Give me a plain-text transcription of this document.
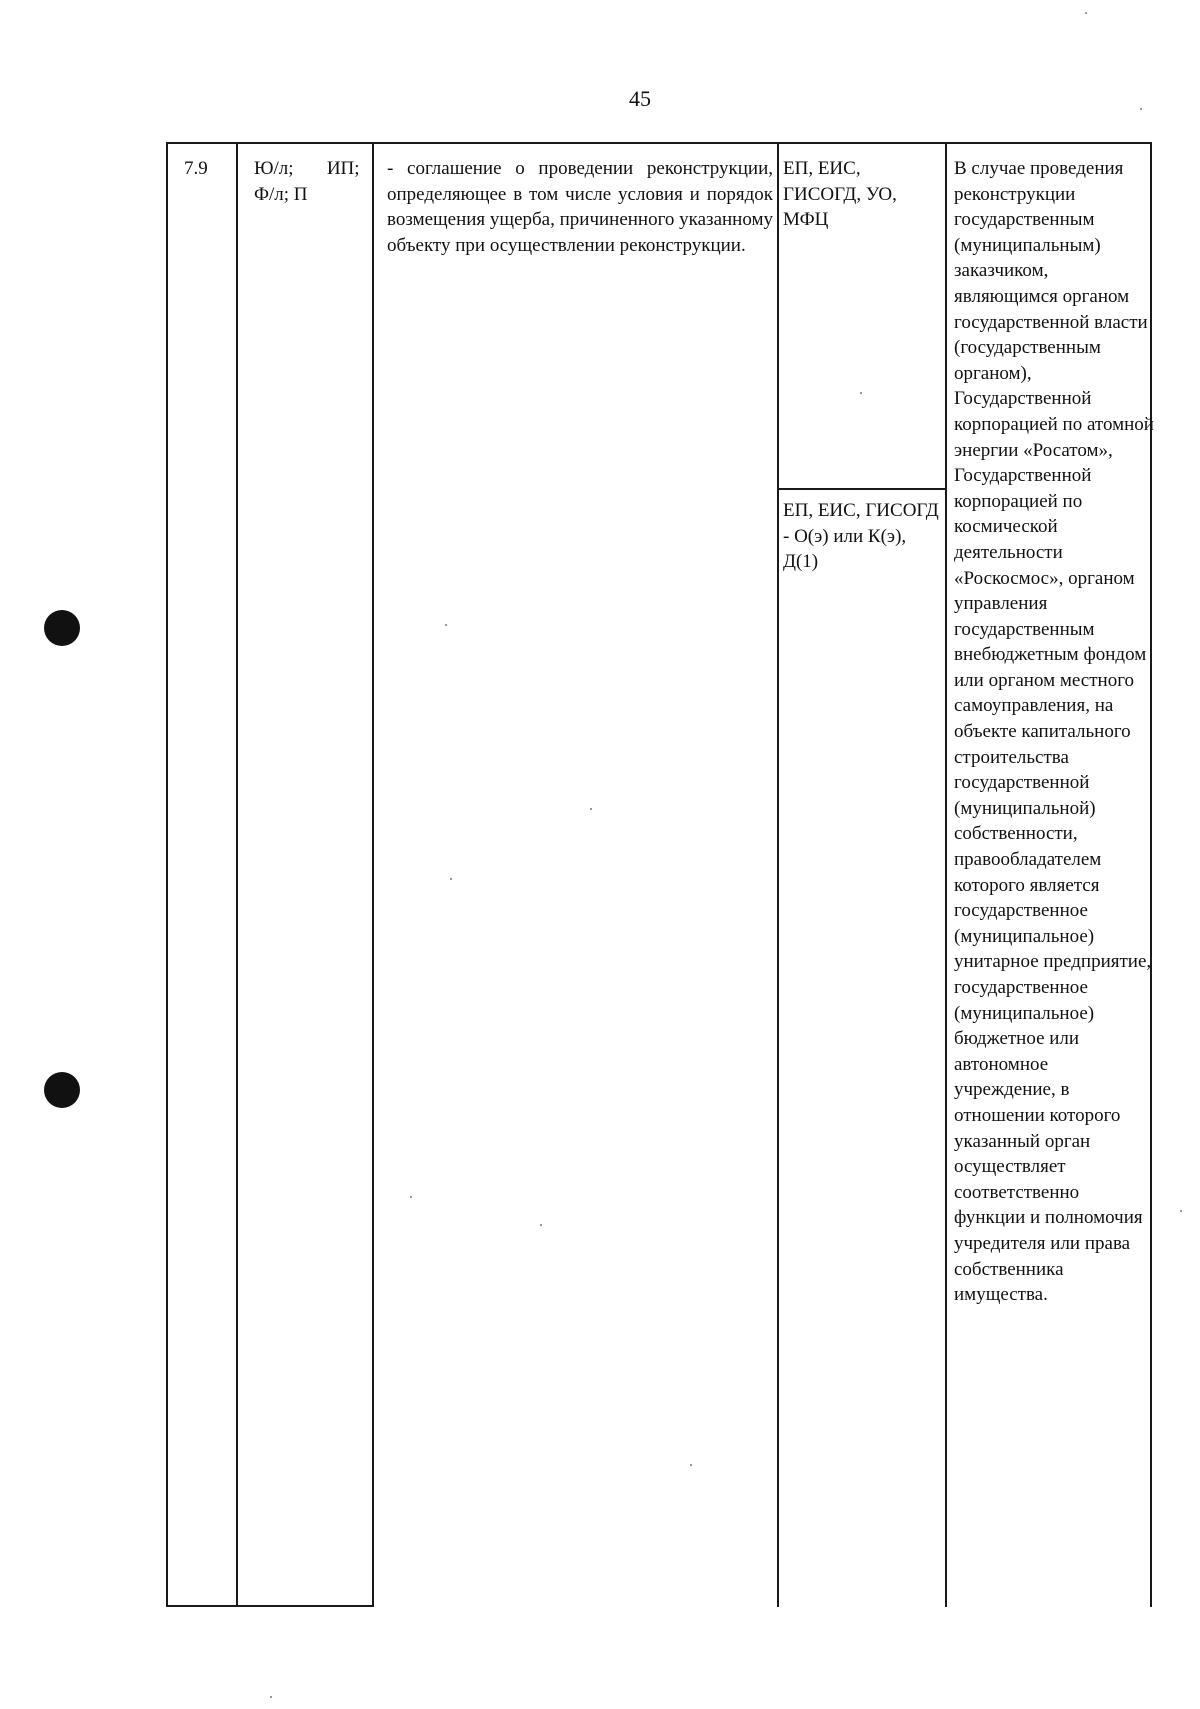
45
7.9	Ю/л;       ИП;
Ф/л; П
- соглашение о проведении реконструкции, определяющее в том числе условия и порядок возмещения ущерба, причиненного указанному объекту при осуществлении реконструкции.
ЕП, ЕИС, ГИСОГД, УО, МФЦ
ЕП, ЕИС, ГИСОГД - О(э) или К(э), Д(1)
В случае проведения реконструкции государственным (муниципальным) заказчиком, являющимся органом государственной власти (государственным органом), Государственной корпорацией по атомной энергии «Росатом», Государственной корпорацией по космической деятельности «Роскосмос», органом управления государственным внебюджетным фондом или органом местного самоуправления, на объекте капитального строительства государственной (муниципальной) собственности, правообладателем которого является государственное (муниципальное) унитарное предприятие, государственное (муниципальное) бюджетное или автономное учреждение, в отношении которого указанный орган осуществляет соответственно функции и полномочия учредителя или права собственника имущества.
